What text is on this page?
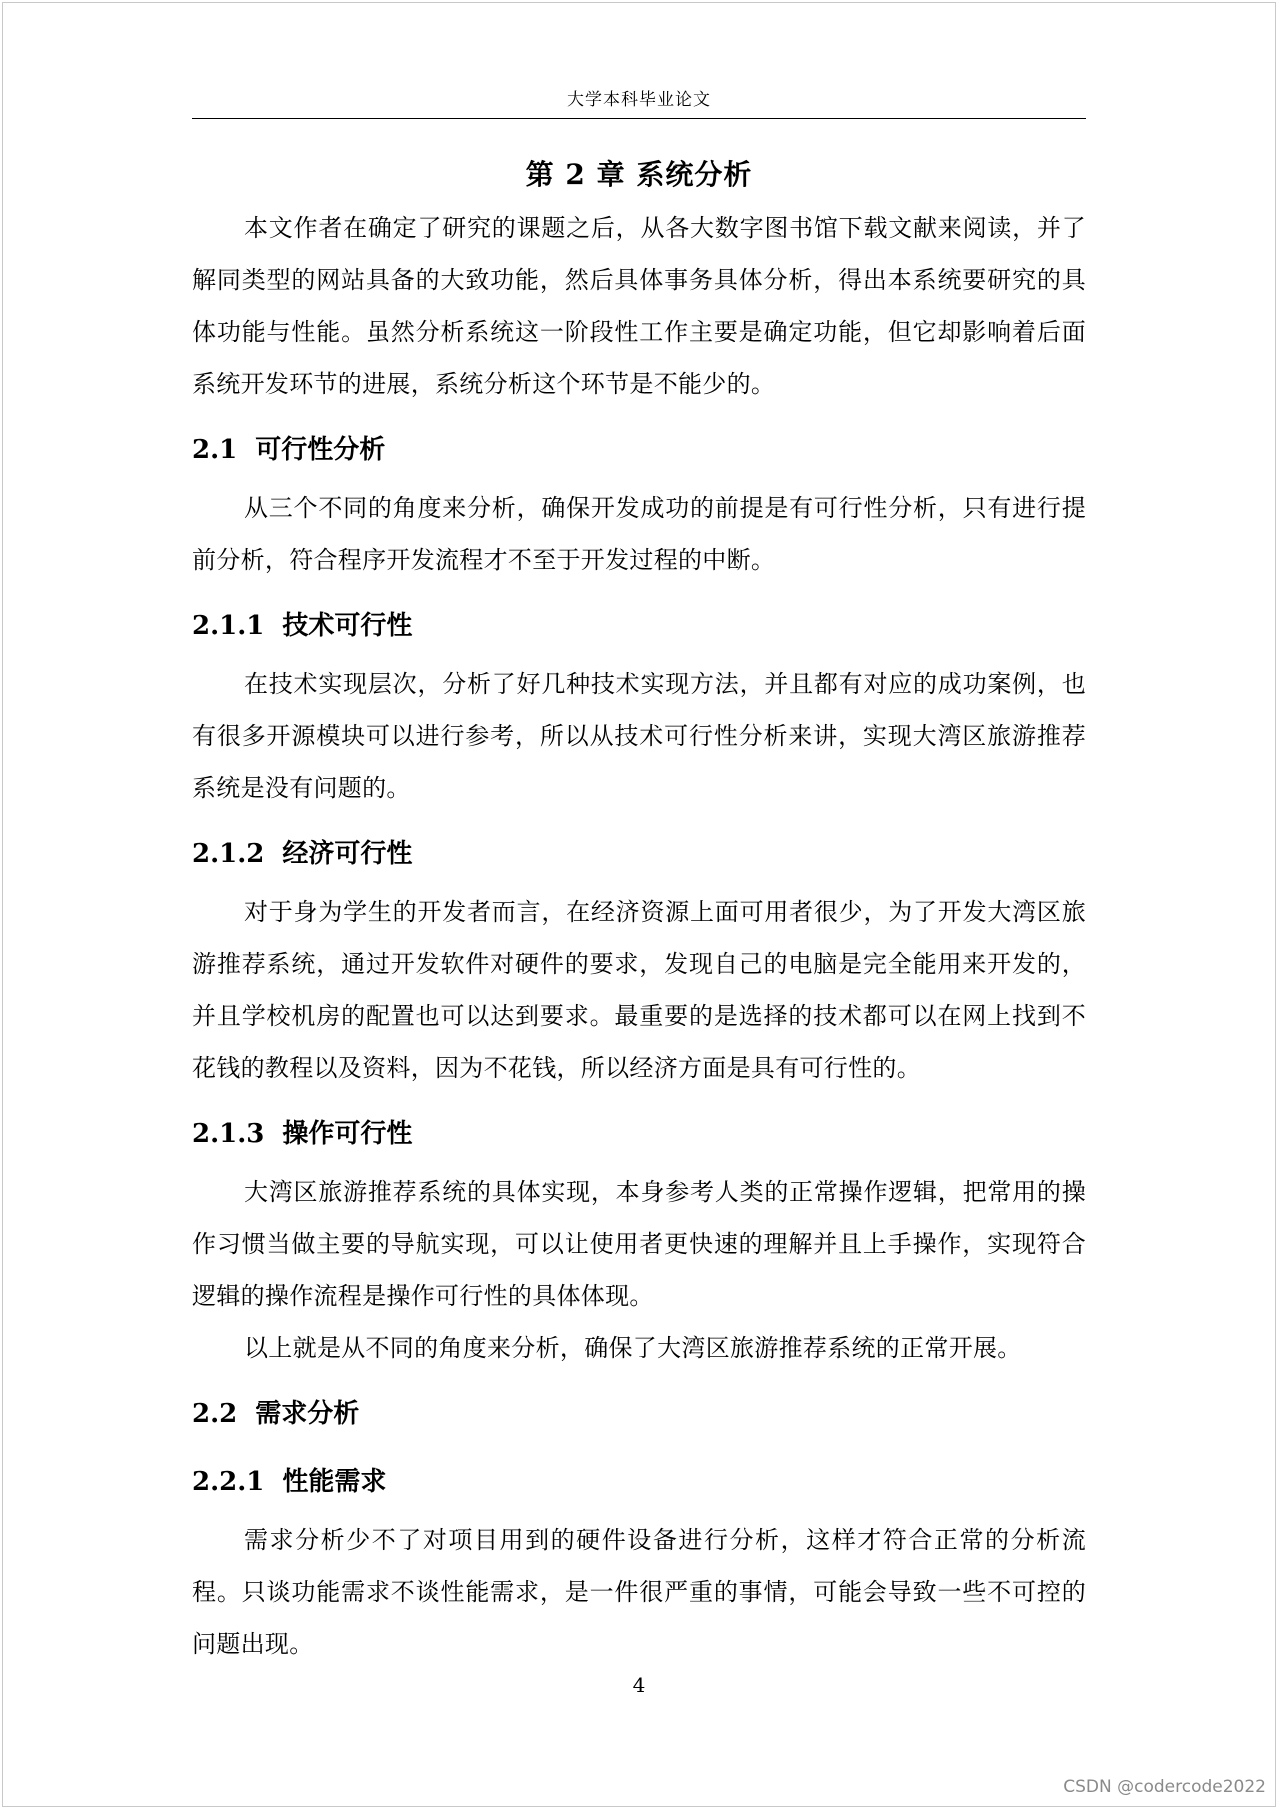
大学本科毕业论文
第 2 章 系统分析

本文作者在确定了研究的课题之后，从各大数字图书馆下载文献来阅读，并了解同类型的网站具备的大致功能，然后具体事务具体分析，得出本系统要研究的具体功能与性能。虽然分析系统这一阶段性工作主要是确定功能，但它却影响着后面系统开发环节的进展，系统分析这个环节是不能少的。

2.1 可行性分析

从三个不同的角度来分析，确保开发成功的前提是有可行性分析，只有进行提前分析，符合程序开发流程才不至于开发过程的中断。

2.1.1 技术可行性

在技术实现层次，分析了好几种技术实现方法，并且都有对应的成功案例，也有很多开源模块可以进行参考，所以从技术可行性分析来讲，实现大湾区旅游推荐系统是没有问题的。

2.1.2 经济可行性

对于身为学生的开发者而言，在经济资源上面可用者很少，为了开发大湾区旅游推荐系统，通过开发软件对硬件的要求，发现自己的电脑是完全能用来开发的，并且学校机房的配置也可以达到要求。最重要的是选择的技术都可以在网上找到不花钱的教程以及资料，因为不花钱，所以经济方面是具有可行性的。

2.1.3 操作可行性

大湾区旅游推荐系统的具体实现，本身参考人类的正常操作逻辑，把常用的操作习惯当做主要的导航实现，可以让使用者更快速的理解并且上手操作，实现符合逻辑的操作流程是操作可行性的具体体现。

以上就是从不同的角度来分析，确保了大湾区旅游推荐系统的正常开展。

2.2 需求分析
2.2.1 性能需求

需求分析少不了对项目用到的硬件设备进行分析，这样才符合正常的分析流程。只谈功能需求不谈性能需求，是一件很严重的事情，可能会导致一些不可控的问题出现。

4
CSDN @codercode2022
